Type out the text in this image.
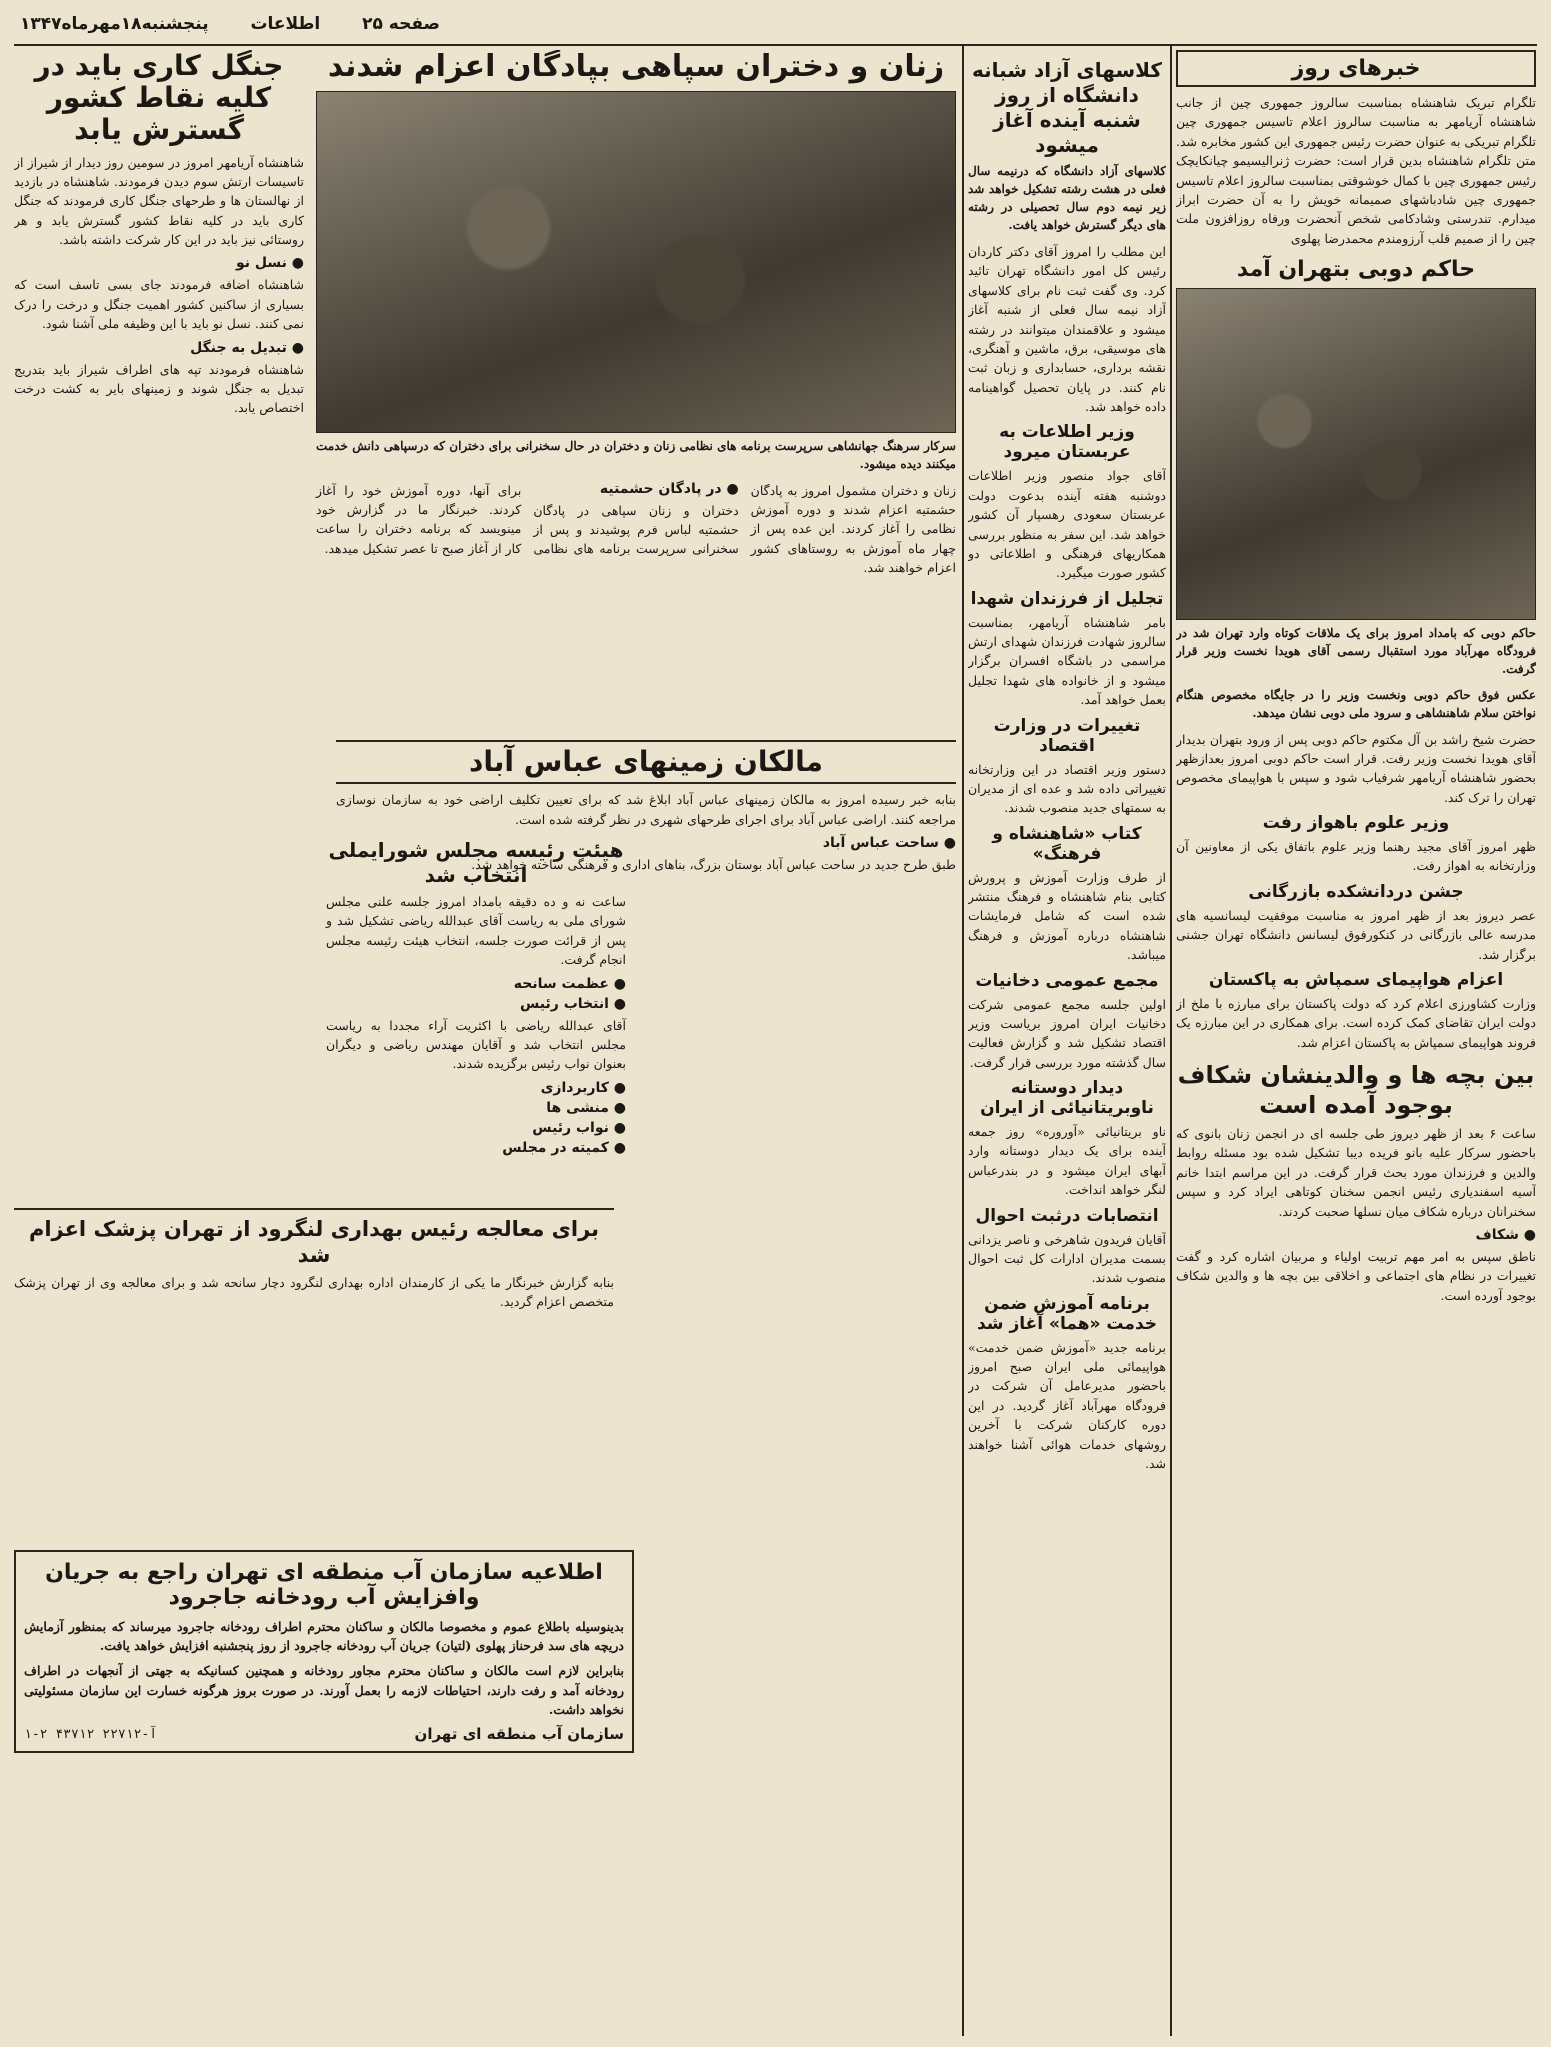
صفحه ۲۵
اطلاعات
پنجشنبه۱۸مهرماه۱۳۴۷
خبرهای روز

تلگرام تبریک شاهنشاه بمناسبت سالروز جمهوری چین از جانب شاهنشاه آریامهر به مناسبت سالروز اعلام تاسیس جمهوری چین تلگرام تبریکی به عنوان حضرت رئیس جمهوری این کشور مخابره شد. متن تلگرام شاهنشاه بدین قرار است: حضرت ژنرالیسیمو چیانکایچک رئیس جمهوری چین با کمال خوشوقتی بمناسبت سالروز اعلام تاسیس جمهوری چین شادباشهای صمیمانه خویش را به آن حضرت ابراز میدارم. تندرستی وشادکامی شخص آنحضرت ورفاه روزافزون ملت چین را از صمیم قلب آرزومندم محمدرضا پهلوی

حاکم دوبی بتهران آمد

حاکم دوبی که بامداد امروز برای یک ملاقات کوتاه وارد تهران شد در فرودگاه مهرآباد مورد استقبال رسمی آقای هویدا نخست وزیر قرار گرفت.

عکس فوق حاکم دوبی ونخست وزیر را در جایگاه مخصوص هنگام نواختن سلام شاهنشاهی و سرود ملی دوبی نشان میدهد.

حضرت شیخ راشد بن آل مکتوم حاکم دوبی پس از ورود بتهران بدیدار آقای هویدا نخست وزیر رفت. قرار است حاکم دوبی امروز بعدازظهر بحضور شاهنشاه آریامهر شرفیاب شود و سپس با هواپیمای مخصوص تهران را ترک کند.

وزیر علوم باهواز رفت

ظهر امروز آقای مجید رهنما وزیر علوم باتفاق یکی از معاونین آن وزارتخانه به اهواز رفت.

جشن دردانشکده بازرگانی

عصر دیروز بعد از ظهر امروز به مناسبت موفقیت لیسانسیه های مدرسه عالی بازرگانی در کنکورفوق لیسانس دانشگاه تهران جشنی برگزار شد.

اعزام هواپیمای سمپاش به پاکستان

وزارت کشاورزی اعلام کرد که دولت پاکستان برای مبارزه با ملخ از دولت ایران تقاضای کمک کرده است. برای همکاری در این مبارزه یک فروند هواپیمای سمپاش به پاکستان اعزام شد.

بین بچه ها و والدینشان شکاف بوجود آمده است

ساعت ۶ بعد از ظهر دیروز طی جلسه ای در انجمن زنان بانوی که باحضور سرکار علیه بانو فریده دیبا تشکیل شده بود مسئله روابط والدین و فرزندان مورد بحث قرار گرفت. در این مراسم ابتدا خانم آسیه اسفندیاری رئیس انجمن سخنان کوتاهی ایراد کرد و سپس سخنرانان درباره شکاف میان نسلها صحبت کردند.

● شکاف

ناطق سپس به امر مهم تربیت اولیاء و مربیان اشاره کرد و گفت تغییرات در نظام های اجتماعی و اخلاقی بین بچه ها و والدین شکاف بوجود آورده است.

کلاسهای آزاد شبانه دانشگاه از روز شنبه آینده آغاز میشود

کلاسهای آزاد دانشگاه که درنیمه سال فعلی در هشت رشته تشکیل خواهد شد زیر نیمه دوم سال تحصیلی در رشته های دیگر گسترش خواهد یافت.

این مطلب را امروز آقای دکتر کاردان رئیس کل امور دانشگاه تهران تائید کرد. وی گفت ثبت نام برای کلاسهای آزاد نیمه سال فعلی از شنبه آغاز میشود و علاقمندان میتوانند در رشته های موسیقی، برق، ماشین و آهنگری، نقشه برداری، حسابداری و زبان ثبت نام کنند. در پایان تحصیل گواهینامه داده خواهد شد.

وزیر اطلاعات به عربستان میرود

آقای جواد منصور وزیر اطلاعات دوشنبه هفته آینده بدعوت دولت عربستان سعودی رهسپار آن کشور خواهد شد. این سفر به منظور بررسی همکاریهای فرهنگی و اطلاعاتی دو کشور صورت میگیرد.

تجلیل از فرزندان شهدا

بامر شاهنشاه آریامهر، بمناسبت سالروز شهادت فرزندان شهدای ارتش مراسمی در باشگاه افسران برگزار میشود و از خانواده های شهدا تجلیل بعمل خواهد آمد.

تغییرات در وزارت اقتصاد

دستور وزیر اقتصاد در این وزارتخانه تغییراتی داده شد و عده ای از مدیران به سمتهای جدید منصوب شدند.

کتاب «شاهنشاه و فرهنگ»

از طرف وزارت آموزش و پرورش کتابی بنام شاهنشاه و فرهنگ منتشر شده است که شامل فرمایشات شاهنشاه درباره آموزش و فرهنگ میباشد.

مجمع عمومی دخانیات

اولین جلسه مجمع عمومی شرکت دخانیات ایران امروز بریاست وزیر اقتصاد تشکیل شد و گزارش فعالیت سال گذشته مورد بررسی قرار گرفت.

دیدار دوستانه ناوبریتانیائی از ایران

ناو بریتانیائی «آوروره» روز جمعه آینده برای یک دیدار دوستانه وارد آبهای ایران میشود و در بندرعباس لنگر خواهد انداخت.

انتصابات درثبت احوال

آقایان فریدون شاهرخی و ناصر یزدانی بسمت مدیران ادارات کل ثبت احوال منصوب شدند.

برنامه آموزش ضمن خدمت «هما» آغاز شد

برنامه جدید «آموزش ضمن خدمت» هواپیمائی ملی ایران صبح امروز باحضور مدیرعامل آن شرکت در فرودگاه مهرآباد آغاز گردید. در این دوره کارکنان شرکت با آخرین روشهای خدمات هوائی آشنا خواهند شد.

زنان و دختران سپاهی بپادگان اعزام شدند

سرکار سرهنگ جهانشاهی سرپرست برنامه های نظامی زنان و دختران در حال سخنرانی برای دختران که درسپاهی دانش خدمت میکنند دیده میشود.

زنان و دختران مشمول امروز به پادگان حشمتیه اعزام شدند و دوره آموزش نظامی را آغاز کردند. این عده پس از چهار ماه آموزش به روستاهای کشور اعزام خواهند شد.

● در پادگان حشمتیه

دختران و زنان سپاهی در پادگان حشمتیه لباس فرم پوشیدند و پس از سخنرانی سرپرست برنامه های نظامی برای آنها، دوره آموزش خود را آغاز کردند. خبرنگار ما در گزارش خود مینویسد که برنامه دختران را ساعت کار از آغاز صبح تا عصر تشکیل میدهد.

جنگل کاری باید در کلیه نقاط کشور گسترش یابد

شاهنشاه آریامهر امروز در سومین روز دیدار از شیراز از تاسیسات ارتش سوم دیدن فرمودند. شاهنشاه در بازدید از نهالستان ها و طرحهای جنگل کاری فرمودند که جنگل کاری باید در کلیه نقاط کشور گسترش یابد و هر روستائی نیز باید در این کار شرکت داشته باشد.

● نسل نو

شاهنشاه اضافه فرمودند جای بسی تاسف است که بسیاری از ساکنین کشور اهمیت جنگل و درخت را درک نمی کنند. نسل نو باید با این وظیفه ملی آشنا شود.

● تبدیل به جنگل

شاهنشاه فرمودند تپه های اطراف شیراز باید بتدریج تبدیل به جنگل شوند و زمینهای بایر به کشت درخت اختصاص یابد.

مالکان زمینهای عباس آباد

بنابه خبر رسیده امروز به مالکان زمینهای عباس آباد ابلاغ شد که برای تعیین تکلیف اراضی خود به سازمان نوسازی مراجعه کنند. اراضی عباس آباد برای اجرای طرحهای شهری در نظر گرفته شده است.

● ساحت عباس آباد

طبق طرح جدید در ساحت عباس آباد بوستان بزرگ، بناهای اداری و فرهنگی ساخته خواهد شد.

هیئت رئیسه مجلس شورایملی انتخاب شد

ساعت نه و ده دقیقه بامداد امروز جلسه علنی مجلس شورای ملی به ریاست آقای عبدالله ریاضی تشکیل شد و پس از قرائت صورت جلسه، انتخاب هیئت رئیسه مجلس انجام گرفت.

● عظمت سانحه
● انتخاب رئیس

آقای عبدالله ریاضی با اکثریت آراء مجددا به ریاست مجلس انتخاب شد و آقایان مهندس ریاضی و دیگران بعنوان نواب رئیس برگزیده شدند.

● کاربردازی
● منشی ها
● نواب رئیس
● کمیته در مجلس
برای معالجه رئیس بهداری لنگرود از تهران پزشک اعزام شد

بنابه گزارش خبرنگار ما یکی از کارمندان اداره بهداری لنگرود دچار سانحه شد و برای معالجه وی از تهران پزشک متخصص اعزام گردید.

اطلاعیه سازمان آب منطقه ای تهران راجع به جریان وافزایش آب رودخانه جاجرود

بدینوسیله باطلاع عموم و مخصوصا مالکان و ساکنان محترم اطراف رودخانه جاجرود میرساند که بمنظور آزمایش دریچه های سد فرحناز پهلوی (لتیان) جریان آب رودخانه جاجرود از روز پنجشنبه افزایش خواهد یافت.

بنابراین لازم است مالکان و ساکنان محترم مجاور رودخانه و همچنین کسانیکه به جهتی از آنجهات در اطراف رودخانه آمد و رفت دارند، احتیاطات لازمه را بعمل آورند. در صورت بروز هرگونه خسارت این سازمان مسئولیتی نخواهد داشت.

سازمان آب منطقه ای تهران
آ-۲۲۷۱۲ ۴۳۷۱۲ ۲-۱
